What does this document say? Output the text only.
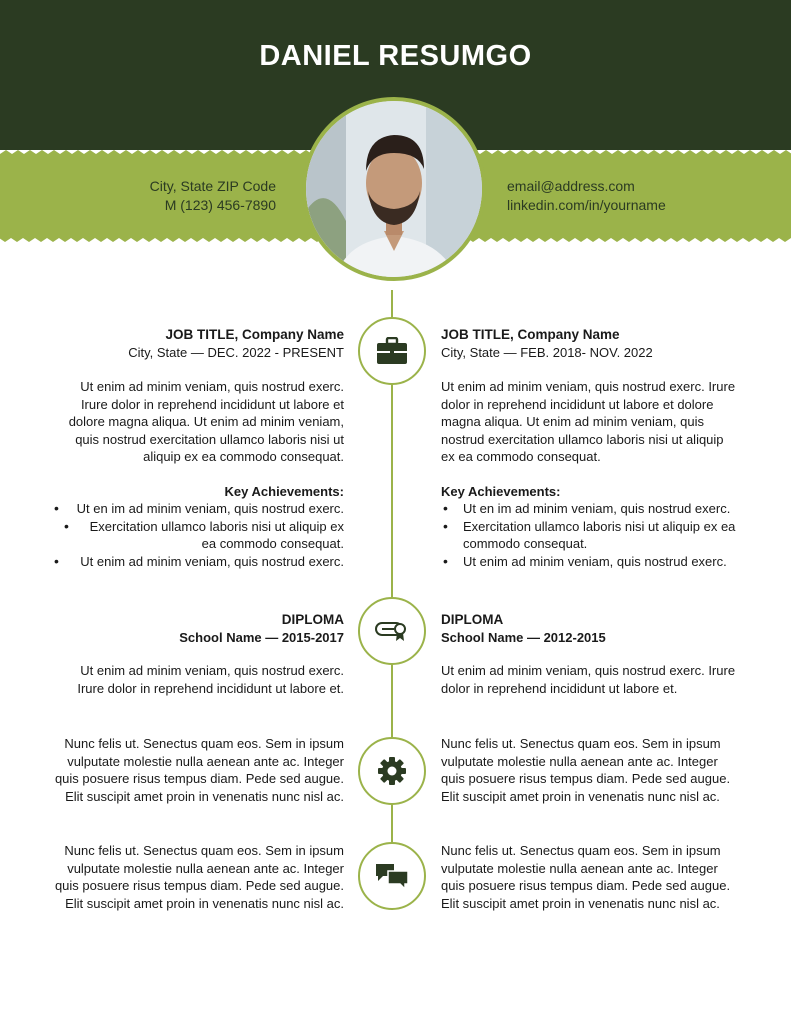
DANIEL RESUMGO
City, State ZIP Code
M (123) 456-7890
email@address.com
linkedin.com/in/yourname
JOB TITLE, Company Name
City, State — DEC. 2022 - PRESENT

Ut enim ad minim veniam, quis nostrud exerc. Irure dolor in reprehend incididunt ut labore et dolore magna aliqua. Ut enim ad minim veniam, quis nostrud exercitation ullamco laboris nisi ut aliquip ex ea commodo consequat.

Key Achievements:
• Ut en im ad minim veniam, quis nostrud exerc.
• Exercitation ullamco laboris nisi ut aliquip ex ea commodo consequat.
• Ut enim ad minim veniam, quis nostrud exerc.
JOB TITLE, Company Name
City, State — FEB. 2018- NOV. 2022

Ut enim ad minim veniam, quis nostrud exerc. Irure dolor in reprehend incididunt ut labore et dolore magna aliqua. Ut enim ad minim veniam, quis nostrud exercitation ullamco laboris nisi ut aliquip ex ea commodo consequat.

Key Achievements:
• Ut en im ad minim veniam, quis nostrud exerc.
• Exercitation ullamco laboris nisi ut aliquip ex ea commodo consequat.
• Ut enim ad minim veniam, quis nostrud exerc.
DIPLOMA
School Name — 2015-2017

Ut enim ad minim veniam, quis nostrud exerc. Irure dolor in reprehend incididunt ut labore et.

DIPLOMA
School Name — 2012-2015

Ut enim ad minim veniam, quis nostrud exerc. Irure dolor in reprehend incididunt ut labore et.

Nunc felis ut. Senectus quam eos. Sem in ipsum vulputate molestie nulla aenean ante ac. Integer quis posuere risus tempus diam. Pede sed augue. Elit suscipit amet proin in venenatis nunc nisl ac.

Nunc felis ut. Senectus quam eos. Sem in ipsum vulputate molestie nulla aenean ante ac. Integer quis posuere risus tempus diam. Pede sed augue. Elit suscipit amet proin in venenatis nunc nisl ac.

Nunc felis ut. Senectus quam eos. Sem in ipsum vulputate molestie nulla aenean ante ac. Integer quis posuere risus tempus diam. Pede sed augue. Elit suscipit amet proin in venenatis nunc nisl ac.

Nunc felis ut. Senectus quam eos. Sem in ipsum vulputate molestie nulla aenean ante ac. Integer quis posuere risus tempus diam. Pede sed augue. Elit suscipit amet proin in venenatis nunc nisl ac.
